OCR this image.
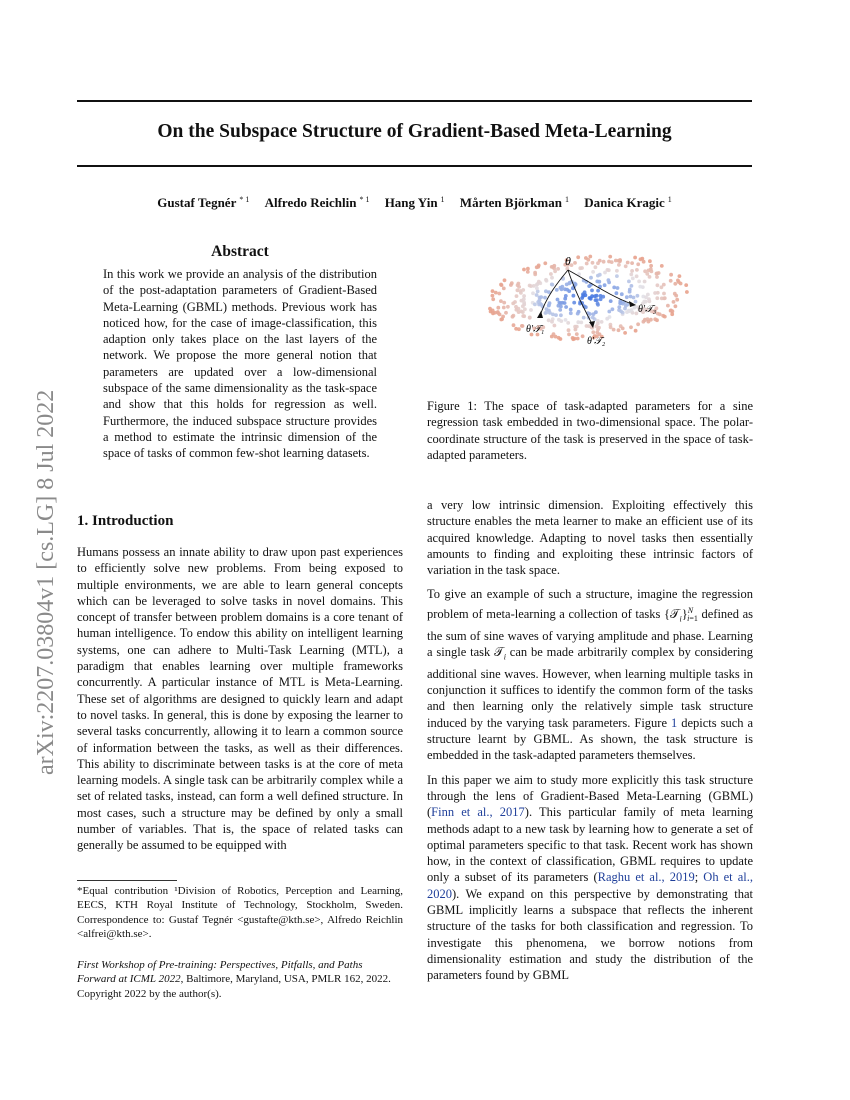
On the Subspace Structure of Gradient-Based Meta-Learning
Gustaf Tegnér $^{* 1}$ Alfredo Reichlin $^{* 1}$ Hang Yin $^1$ Mårten Björkman $^1$ Danica Kragic $^1$
arXiv:2207.03804v1 [cs.LG] 8 Jul 2022
Abstract
In this work we provide an analysis of the distribution of the post-adaptation parameters of Gradient-Based Meta-Learning (GBML) methods. Previous work has noticed how, for the case of image-classification, this adaption only takes place on the last layers of the network. We propose the more general notion that parameters are updated over a low-dimensional subspace of the same dimensionality as the task-space and show that this holds for regression as well. Furthermore, the induced subspace structure provides a method to estimate the intrinsic dimension of the space of tasks of common few-shot learning datasets.
1. Introduction

Humans possess an innate ability to draw upon past experiences to efficiently solve new problems. From being exposed to multiple environments, we are able to learn general concepts which can be leveraged to solve tasks in novel domains. This concept of transfer between problem domains is a core tenant of human intelligence. To endow this ability on intelligent learning systems, one can adhere to Multi-Task Learning (MTL), a paradigm that enables learning over multiple frameworks concurrently. A particular instance of MTL is Meta-Learning. These set of algorithms are designed to quickly learn and adapt to novel tasks. In general, this is done by exposing the learner to several tasks concurrently, allowing it to learn a common source of information between the tasks, as well as their differences. This ability to discriminate between tasks is at the core of meta learning models. A single task can be arbitrarily complex while a set of related tasks, instead, can form a well defined structure. In most cases, such a structure may be defined by only a small number of variables. That is, the space of related tasks can generally be assumed to be equipped with

*Equal contribution ¹Division of Robotics, Perception and Learning, EECS, KTH Royal Institute of Technology, Stockholm, Sweden. Correspondence to: Gustaf Tegnér <gustafte@kth.se>, Alfredo Reichlin <alfrei@kth.se>.
First Workshop of Pre-training: Perspectives, Pitfalls, and Paths Forward at ICML 2022, Baltimore, Maryland, USA, PMLR 162, 2022. Copyright 2022 by the author(s).
θ
θ′𝒯₁
θ′𝒯₂
θ′𝒯₃
Figure 1: The space of task-adapted parameters for a sine regression task embedded in two-dimensional space. The polar-coordinate structure of the task is preserved in the space of task-adapted parameters.

a very low intrinsic dimension. Exploiting effectively this structure enables the meta learner to make an efficient use of its acquired knowledge. Adapting to novel tasks then essentially amounts to finding and exploiting these intrinsic factors of variation in the task space.

To give an example of such a structure, imagine the regression problem of meta-learning a collection of tasks {𝒯$_i$}$^N_{i=1}$ defined as the sum of sine waves of varying amplitude and phase. Learning a single task 𝒯$_i$ can be made arbitrarily complex by considering additional sine waves. However, when learning multiple tasks in conjunction it suffices to identify the common form of the tasks and then learning only the relatively simple task structure induced by the varying task parameters. Figure 1 depicts such a structure learnt by GBML. As shown, the task structure is embedded in the task-adapted parameters themselves.

In this paper we aim to study more explicitly this task structure through the lens of Gradient-Based Meta-Learning (GBML) (Finn et al., 2017). This particular family of meta learning methods adapt to a new task by learning how to generate a set of optimal parameters specific to that task. Recent work has shown how, in the context of classification, GBML requires to update only a subset of its parameters (Raghu et al., 2019; Oh et al., 2020). We expand on this perspective by demonstrating that GBML implicitly learns a subspace that reflects the inherent structure of the tasks for both classification and regression. To investigate this phenomena, we borrow notions from dimensionality estimation and study the distribution of the parameters found by GBML
